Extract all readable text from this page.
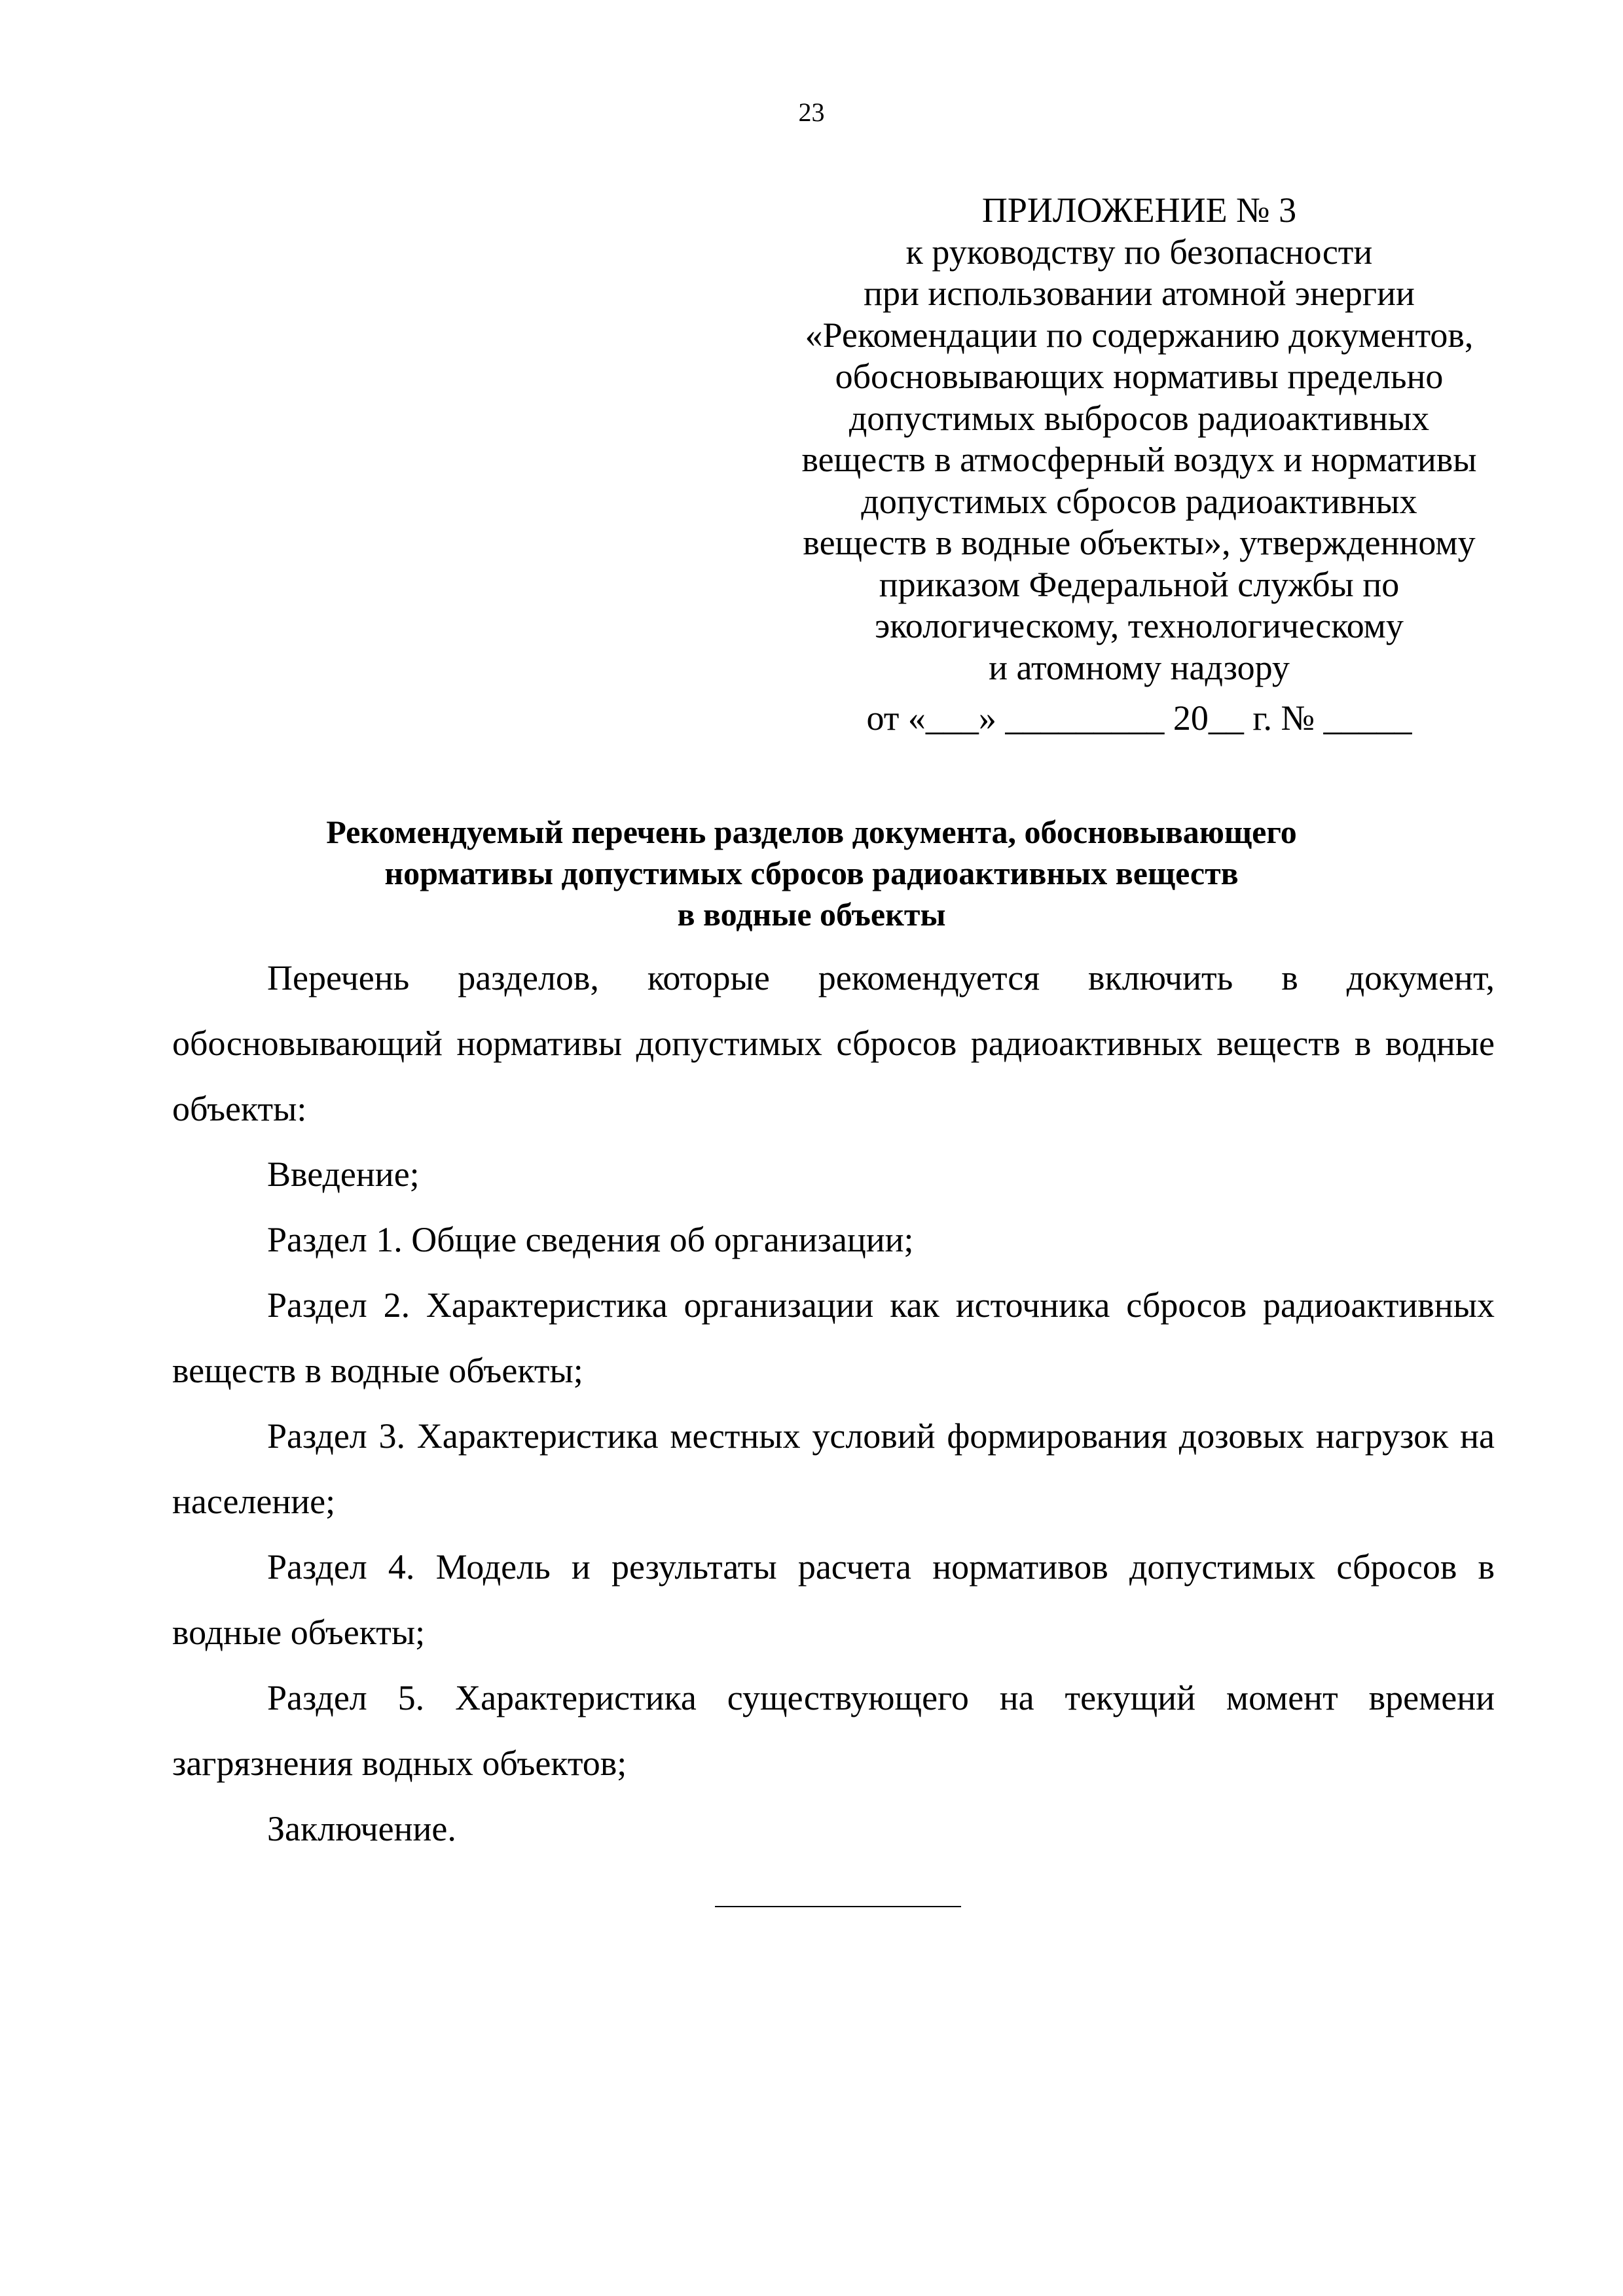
23
ПРИЛОЖЕНИЕ № 3
к руководству по безопасности
при использовании атомной энергии
«Рекомендации по содержанию документов,
обосновывающих нормативы предельно
допустимых выбросов радиоактивных
веществ в атмосферный воздух и нормативы
допустимых сбросов радиоактивных
веществ в водные объекты», утвержденному
приказом Федеральной службы по
экологическому, технологическому
и атомному надзору
от «___» _________ 20__ г. № _____
Рекомендуемый перечень разделов документа, обосновывающего
нормативы допустимых сбросов радиоактивных веществ
в водные объекты

Перечень разделов, которые рекомендуется включить в документ, обосновывающий нормативы допустимых сбросов радиоактивных веществ в водные объекты:

Введение;

Раздел 1. Общие сведения об организации;

Раздел 2. Характеристика организации как источника сбросов радиоактивных веществ в водные объекты;

Раздел 3. Характеристика местных условий формирования дозовых нагрузок на население;

Раздел 4. Модель и результаты расчета нормативов допустимых сбросов в водные объекты;

Раздел 5. Характеристика существующего на текущий момент времени загрязнения водных объектов;

Заключение.
